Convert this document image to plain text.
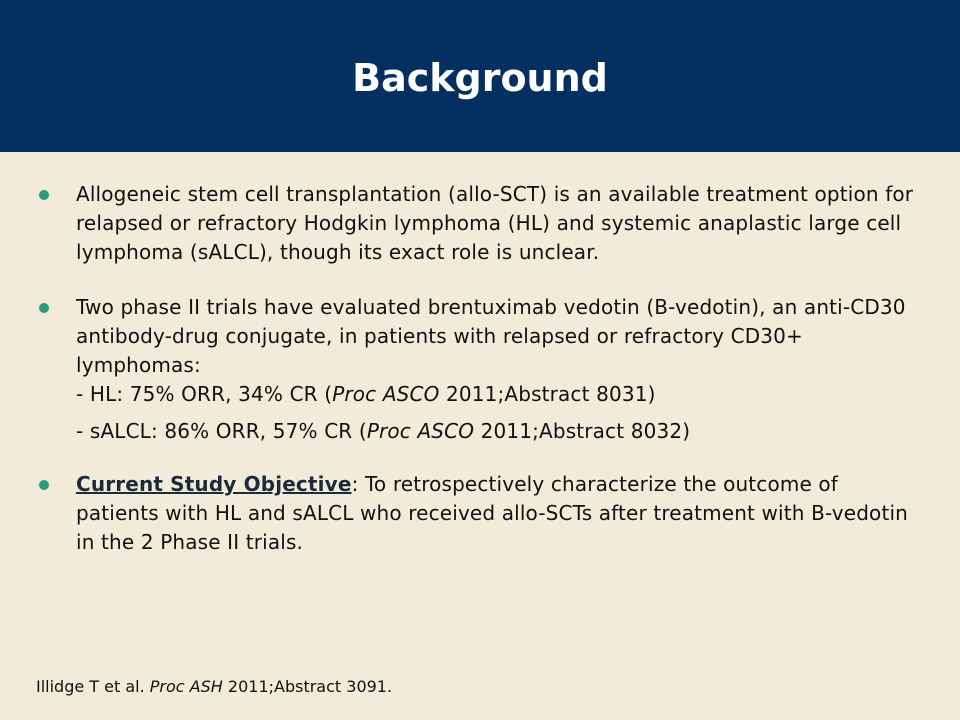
Background

Allogeneic stem cell transplantation (allo-SCT) is an available treatment option for relapsed or refractory Hodgkin lymphoma (HL) and systemic anaplastic large cell lymphoma (sALCL), though its exact role is unclear.

Two phase II trials have evaluated brentuximab vedotin (B-vedotin), an anti-CD30 antibody-drug conjugate, in patients with relapsed or refractory CD30+ lymphomas:

- HL: 75% ORR, 34% CR (Proc ASCO 2011;Abstract 8031)

- sALCL: 86% ORR, 57% CR (Proc ASCO 2011;Abstract 8032)

Current Study Objective: To retrospectively characterize the outcome of patients with HL and sALCL who received allo-SCTs after treatment with B-vedotin in the 2 Phase II trials.

Illidge T et al. Proc ASH 2011;Abstract 3091.
